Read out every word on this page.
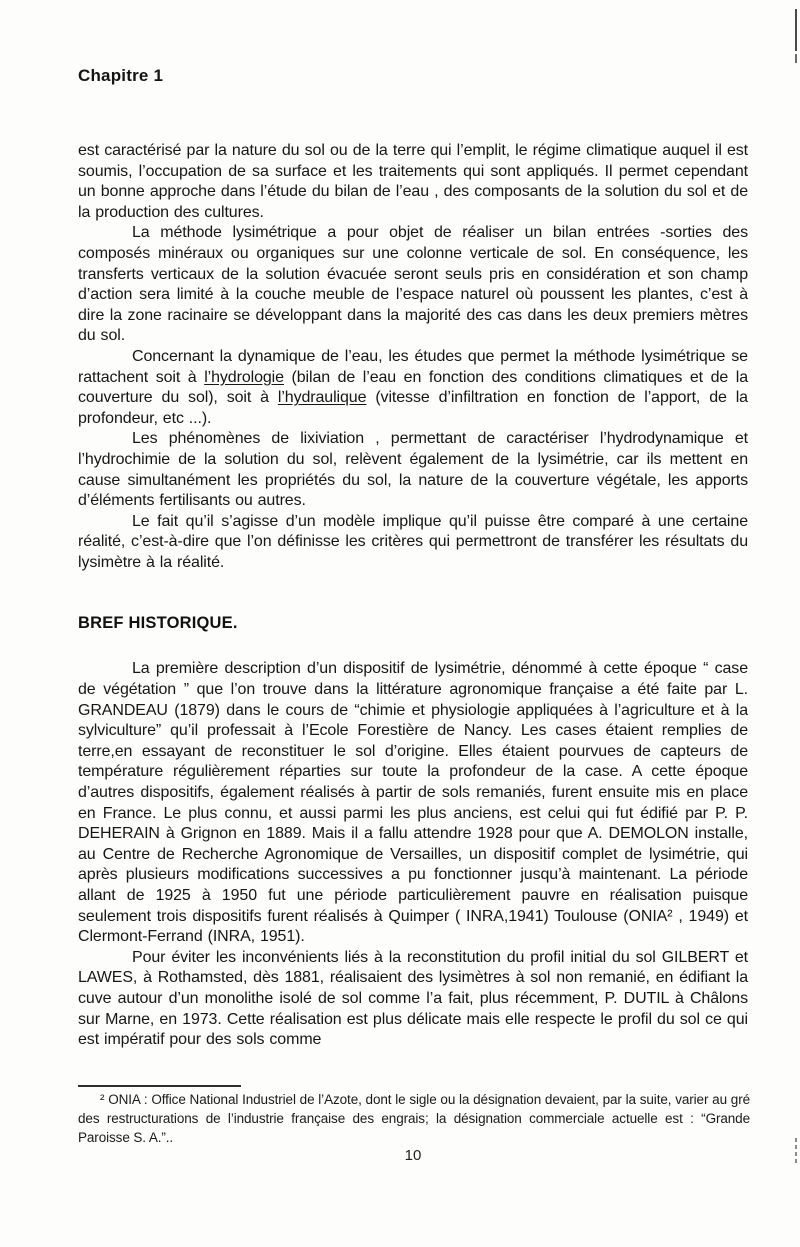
Chapitre 1

est caractérisé par la nature du sol ou de la terre qui l’emplit, le régime climatique auquel il est soumis, l’occupation de sa surface et les traitements qui sont appliqués. Il permet cependant un bonne approche dans l’étude du bilan de l’eau , des composants de la solution du sol et de la production des cultures.

La méthode lysimétrique a pour objet de réaliser un bilan entrées -sorties des composés minéraux ou organiques sur une colonne verticale de sol. En conséquence, les transferts verticaux de la solution évacuée seront seuls pris en considération et son champ d’action sera limité à la couche meuble de l’espace naturel où poussent les plantes, c’est à dire la zone racinaire se développant dans la majorité des cas dans les deux premiers mètres du sol.

Concernant la dynamique de l’eau, les études que permet la méthode lysimétrique se rattachent soit à l’hydrologie (bilan de l’eau en fonction des conditions climatiques et de la couverture du sol), soit à l’hydraulique (vitesse d’infiltration en fonction de l’apport, de la profondeur, etc ...).

Les phénomènes de lixiviation , permettant de caractériser l’hydrodynamique et l’hydrochimie de la solution du sol, relèvent également de la lysimétrie, car ils mettent en cause simultanément les propriétés du sol, la nature de la couverture végétale, les apports d’éléments fertilisants ou autres.

Le fait qu’il s’agisse d’un modèle implique qu’il puisse être comparé à une certaine réalité, c’est-à-dire que l’on définisse les critères qui permettront de transférer les résultats du lysimètre à la réalité.

BREF HISTORIQUE.

La première description d’un dispositif de lysimétrie, dénommé à cette époque “ case de végétation ” que l’on trouve dans la littérature agronomique française a été faite par L. GRANDEAU (1879) dans le cours de “chimie et physiologie appliquées à l’agriculture et à la sylviculture” qu’il professait à l’Ecole Forestière de Nancy. Les cases étaient remplies de terre,en essayant de reconstituer le sol d’origine. Elles étaient pourvues de capteurs de température régulièrement réparties sur toute la profondeur de la case. A cette époque d’autres dispositifs, également réalisés à partir de sols remaniés, furent ensuite mis en place en France. Le plus connu, et aussi parmi les plus anciens, est celui qui fut édifié par P. P. DEHERAIN à Grignon en 1889. Mais il a fallu attendre 1928 pour que A. DEMOLON installe, au Centre de Recherche Agronomique de Versailles, un dispositif complet de lysimétrie, qui après plusieurs modifications successives a pu fonctionner jusqu’à maintenant. La période allant de 1925 à 1950 fut une période particulièrement pauvre en réalisation puisque seulement trois dispositifs furent réalisés à Quimper ( INRA,1941) Toulouse (ONIA² , 1949) et Clermont-Ferrand (INRA, 1951).

Pour éviter les inconvénients liés à la reconstitution du profil initial du sol GILBERT et LAWES, à Rothamsted, dès 1881, réalisaient des lysimètres à sol non remanié, en édifiant la cuve autour d’un monolithe isolé de sol comme l’a fait, plus récemment, P. DUTIL à Châlons sur Marne, en 1973. Cette réalisation est plus délicate mais elle respecte le profil du sol ce qui est impératif pour des sols comme

² ONIA : Office National Industriel de l’Azote, dont le sigle ou la désignation devaient, par la suite, varier au gré des restructurations de l’industrie française des engrais; la désignation commerciale actuelle est : “Grande Paroisse S. A.”..

10
